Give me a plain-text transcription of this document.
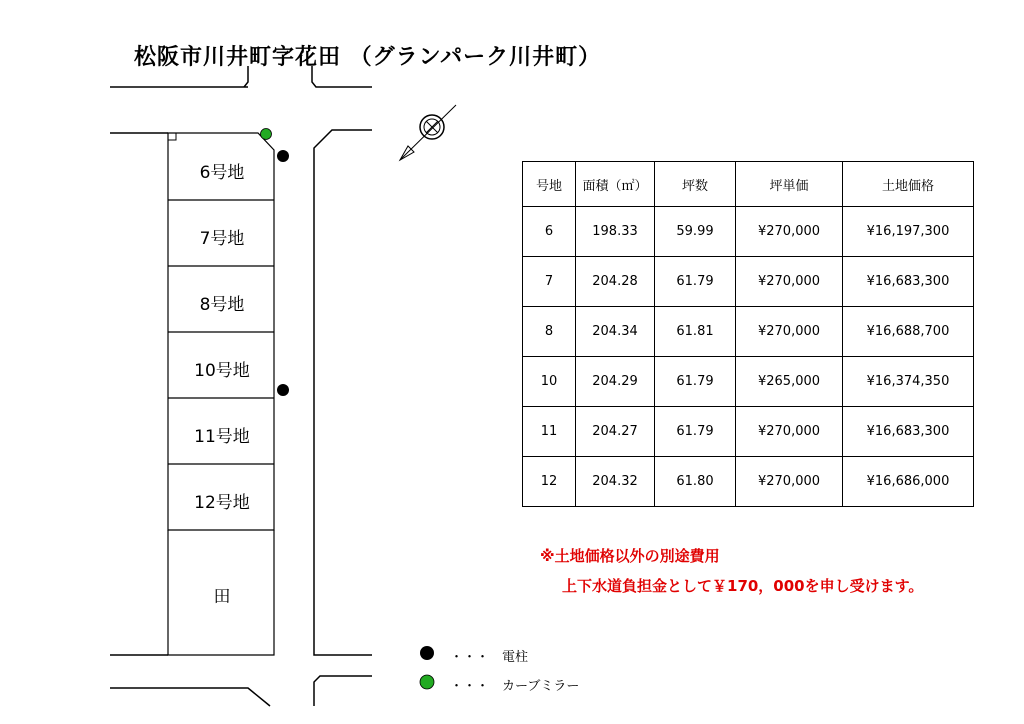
松阪市川井町字花田 （グランパーク川井町）
6号地
7号地
8号地
10号地
11号地
12号地
田
号地	面積（㎡）	坪数	坪単価	土地価格
6	198.33	59.99	¥270,000	¥16,197,300
7	204.28	61.79	¥270,000	¥16,683,300
8	204.34	61.81	¥270,000	¥16,688,700
10	204.29	61.79	¥265,000	¥16,374,350
11	204.27	61.79	¥270,000	¥16,683,300
12	204.32	61.80	¥270,000	¥16,686,000
※土地価格以外の別途費用
上下水道負担金として￥170，000を申し受けます。
・・・　電柱
・・・　カーブミラー
